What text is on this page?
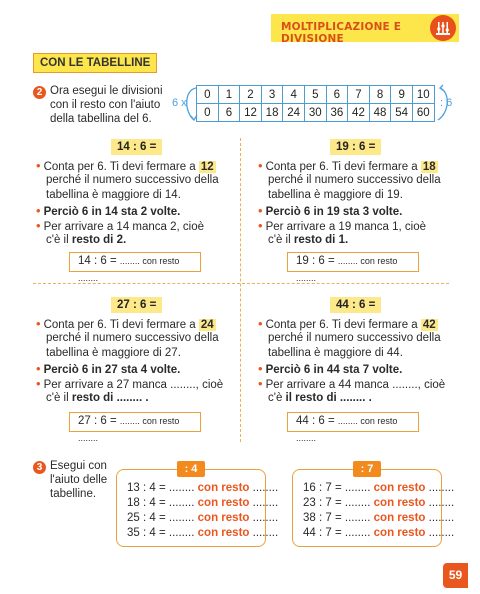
MOLTIPLICAZIONE E DIVISIONE
CON LE TABELLINE
2 Ora esegui le divisioni
con il resto con l'aiuto
della tabellina del 6.
6 x	: 6
0	1	2	3	4	5	6	7	8	9	10
0	6	12	18	24	30	36	42	48	54	60
14 : 6 =
• Conta per 6. Ti devi fermare a 12
perché il numero successivo della
tabellina è maggiore di 14.
• Perciò 6 in 14 sta 2 volte.
• Per arrivare a 14 manca 2, cioè
c'è il resto di 2.
14 : 6 = ........ con resto ........
19 : 6 =
• Conta per 6. Ti devi fermare a 18
perché il numero successivo della
tabellina è maggiore di 19.
• Perciò 6 in 19 sta 3 volte.
• Per arrivare a 19 manca 1, cioè
c'è il resto di 1.
19 : 6 = ........ con resto ........
27 : 6 =
• Conta per 6. Ti devi fermare a 24
perché il numero successivo della
tabellina è maggiore di 27.
• Perciò 6 in 27 sta 4 volte.
• Per arrivare a 27 manca ........, cioè
c'è il resto di ........ .
27 : 6 = ........ con resto ........
44 : 6 =
• Conta per 6. Ti devi fermare a 42
perché il numero successivo della
tabellina è maggiore di 44.
• Perciò 6 in 44 sta 7 volte.
• Per arrivare a 44 manca ........, cioè
c'è il resto di ........ .
44 : 6 = ........ con resto ........
3 Esegui con
l'aiuto delle
tabelline.
: 4
13 : 4 = ........ con resto ........
18 : 4 = ........ con resto ........
25 : 4 = ........ con resto ........
35 : 4 = ........ con resto ........
: 7
16 : 7 = ........ con resto ........
23 : 7 = ........ con resto ........
38 : 7 = ........ con resto ........
44 : 7 = ........ con resto ........
59
